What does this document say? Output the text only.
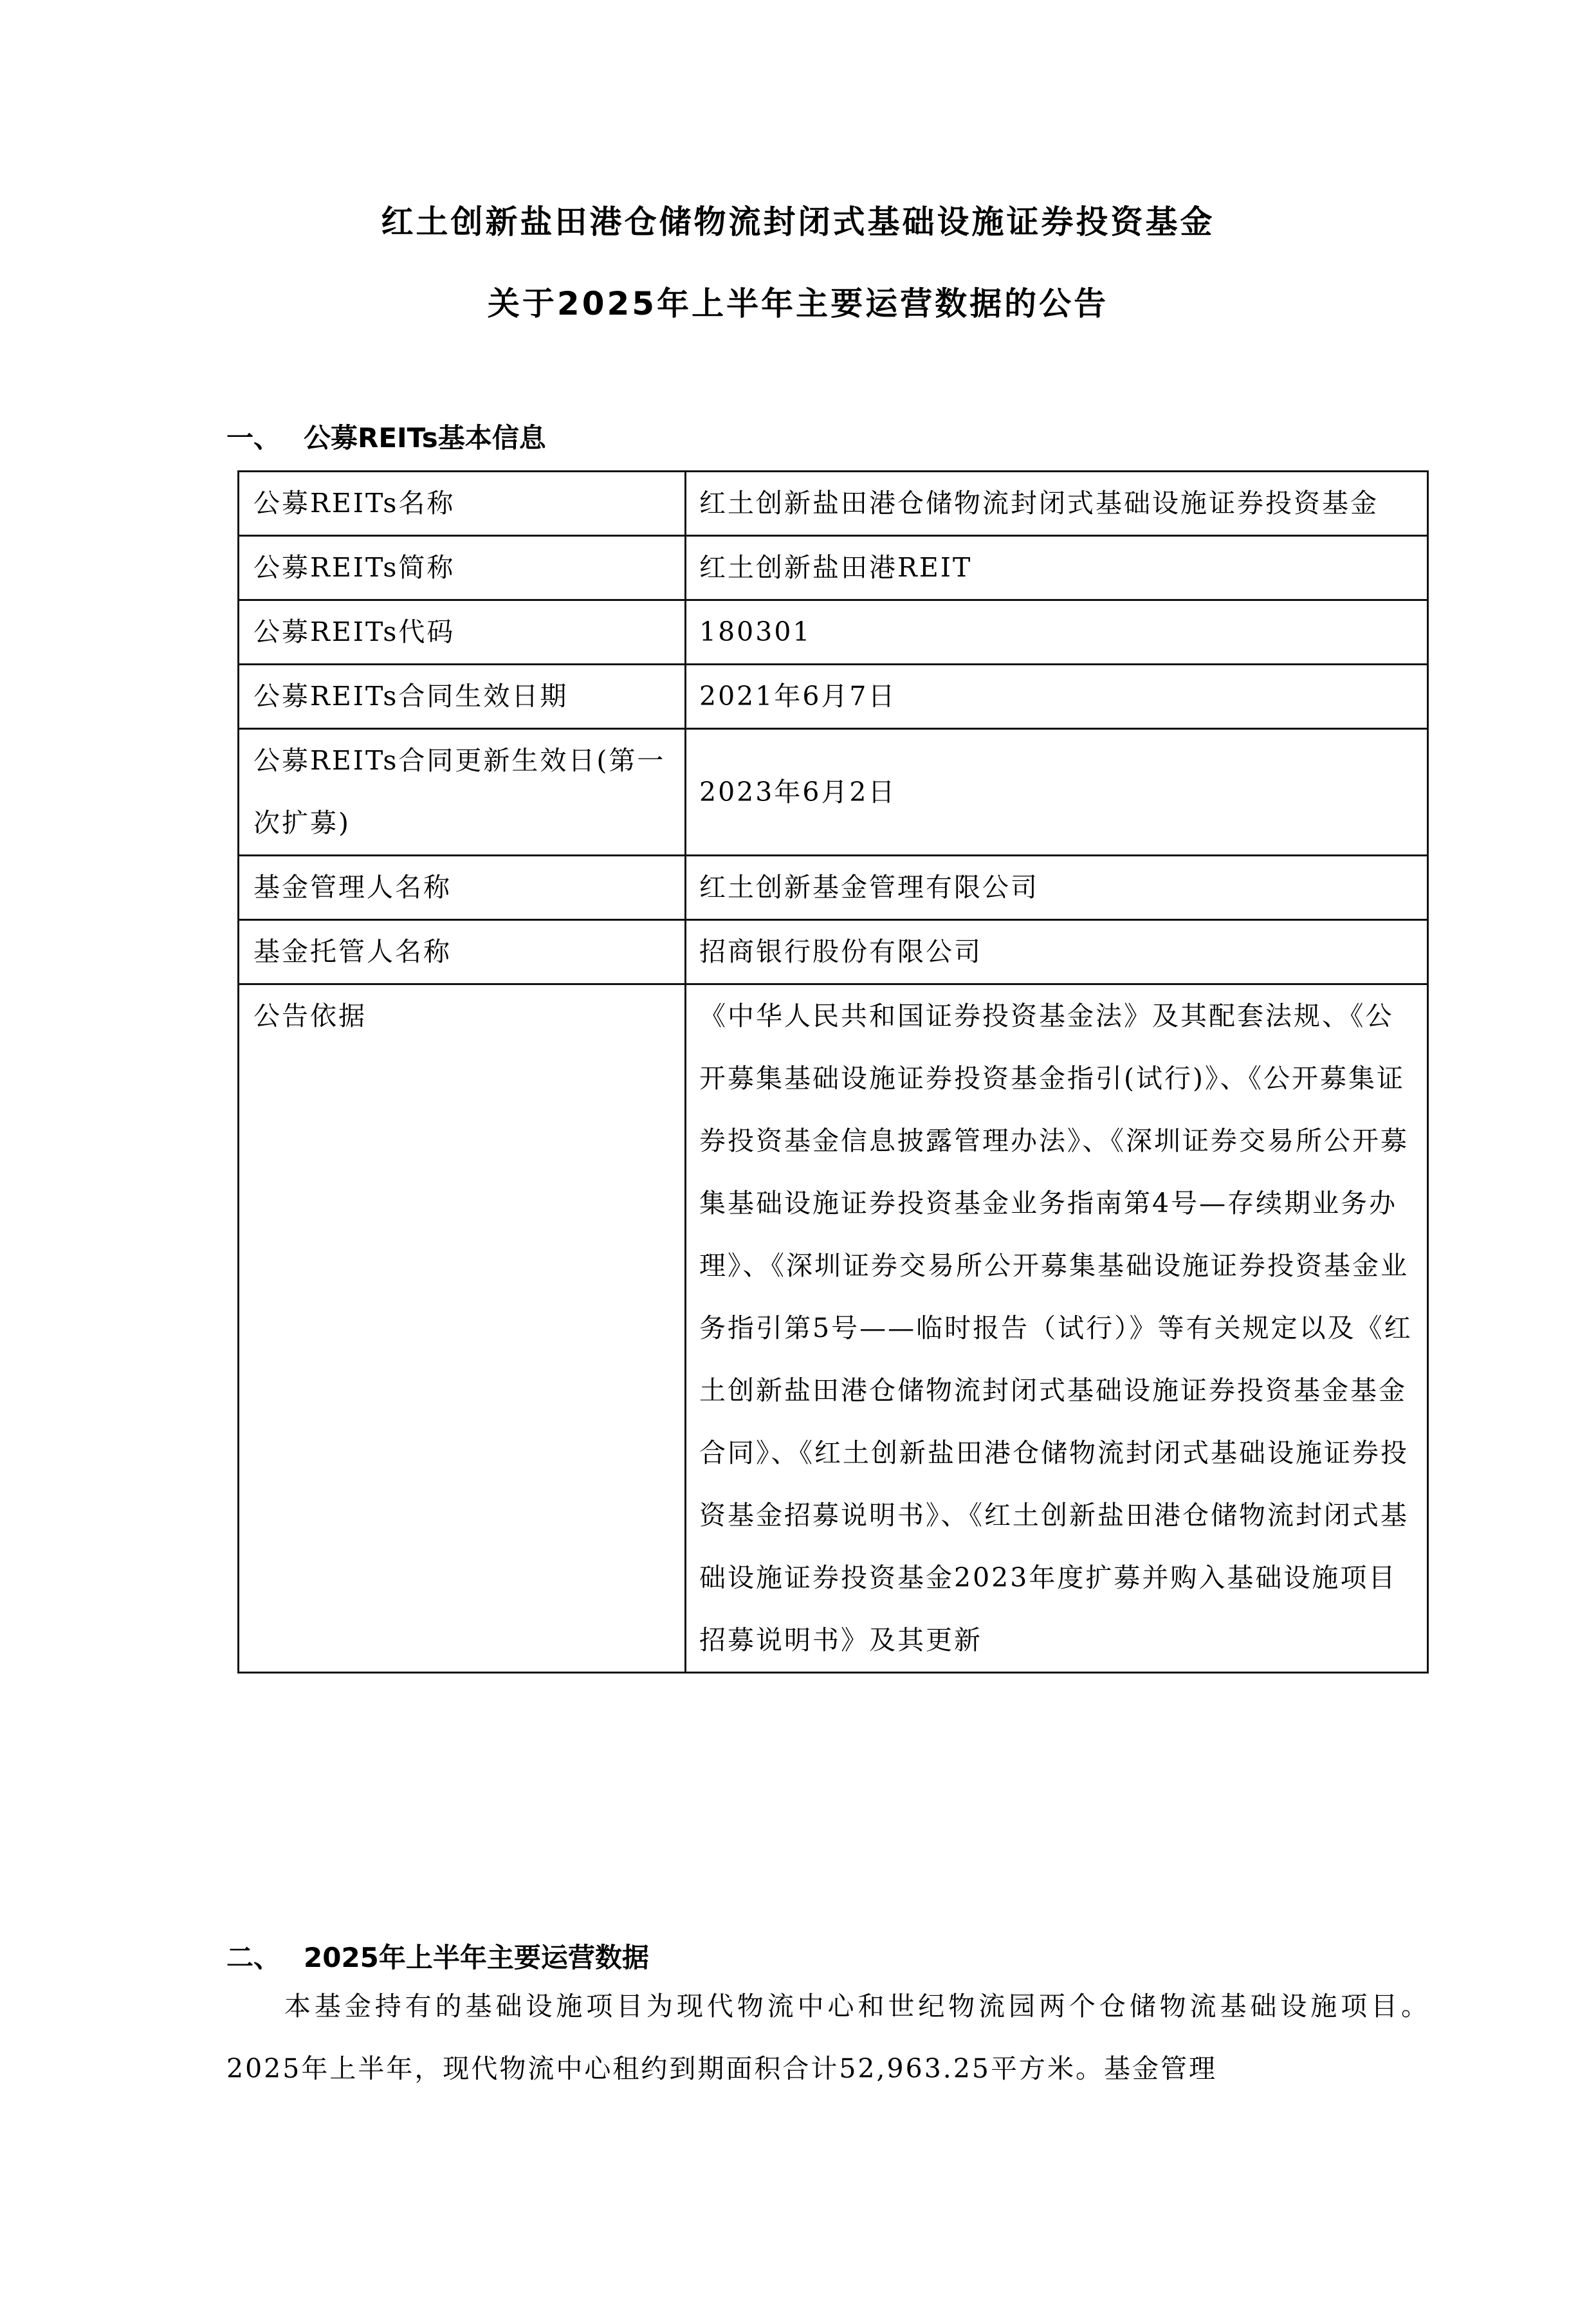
红土创新盐田港仓储物流封闭式基础设施证券投资基金
关于2025年上半年主要运营数据的公告
一、 公募REITs基本信息
公募REITs名称	红土创新盐田港仓储物流封闭式基础设施证券投资基金
公募REITs简称	红土创新盐田港REIT
公募REITs代码	180301
公募REITs合同生效日期	2021年6月7日
公募REITs合同更新生效日(第一次扩募)	2023年6月2日
基金管理人名称	红土创新基金管理有限公司
基金托管人名称	招商银行股份有限公司
公告依据	《中华人民共和国证券投资基金法》及其配套法规、《公开募集基础设施证券投资基金指引(试行)》、《公开募集证券投资基金信息披露管理办法》、《深圳证券交易所公开募集基础设施证券投资基金业务指南第4号—存续期业务办理》、《深圳证券交易所公开募集基础设施证券投资基金业务指引第5号——临时报告（试行）》等有关规定以及《红土创新盐田港仓储物流封闭式基础设施证券投资基金基金合同》、《红土创新盐田港仓储物流封闭式基础设施证券投资基金招募说明书》、《红土创新盐田港仓储物流封闭式基础设施证券投资基金2023年度扩募并购入基础设施项目招募说明书》及其更新
二、 2025年上半年主要运营数据
本基金持有的基础设施项目为现代物流中心和世纪物流园两个仓储物流基础设施项目。2025年上半年，现代物流中心租约到期面积合计52,963.25平方米。基金管理
